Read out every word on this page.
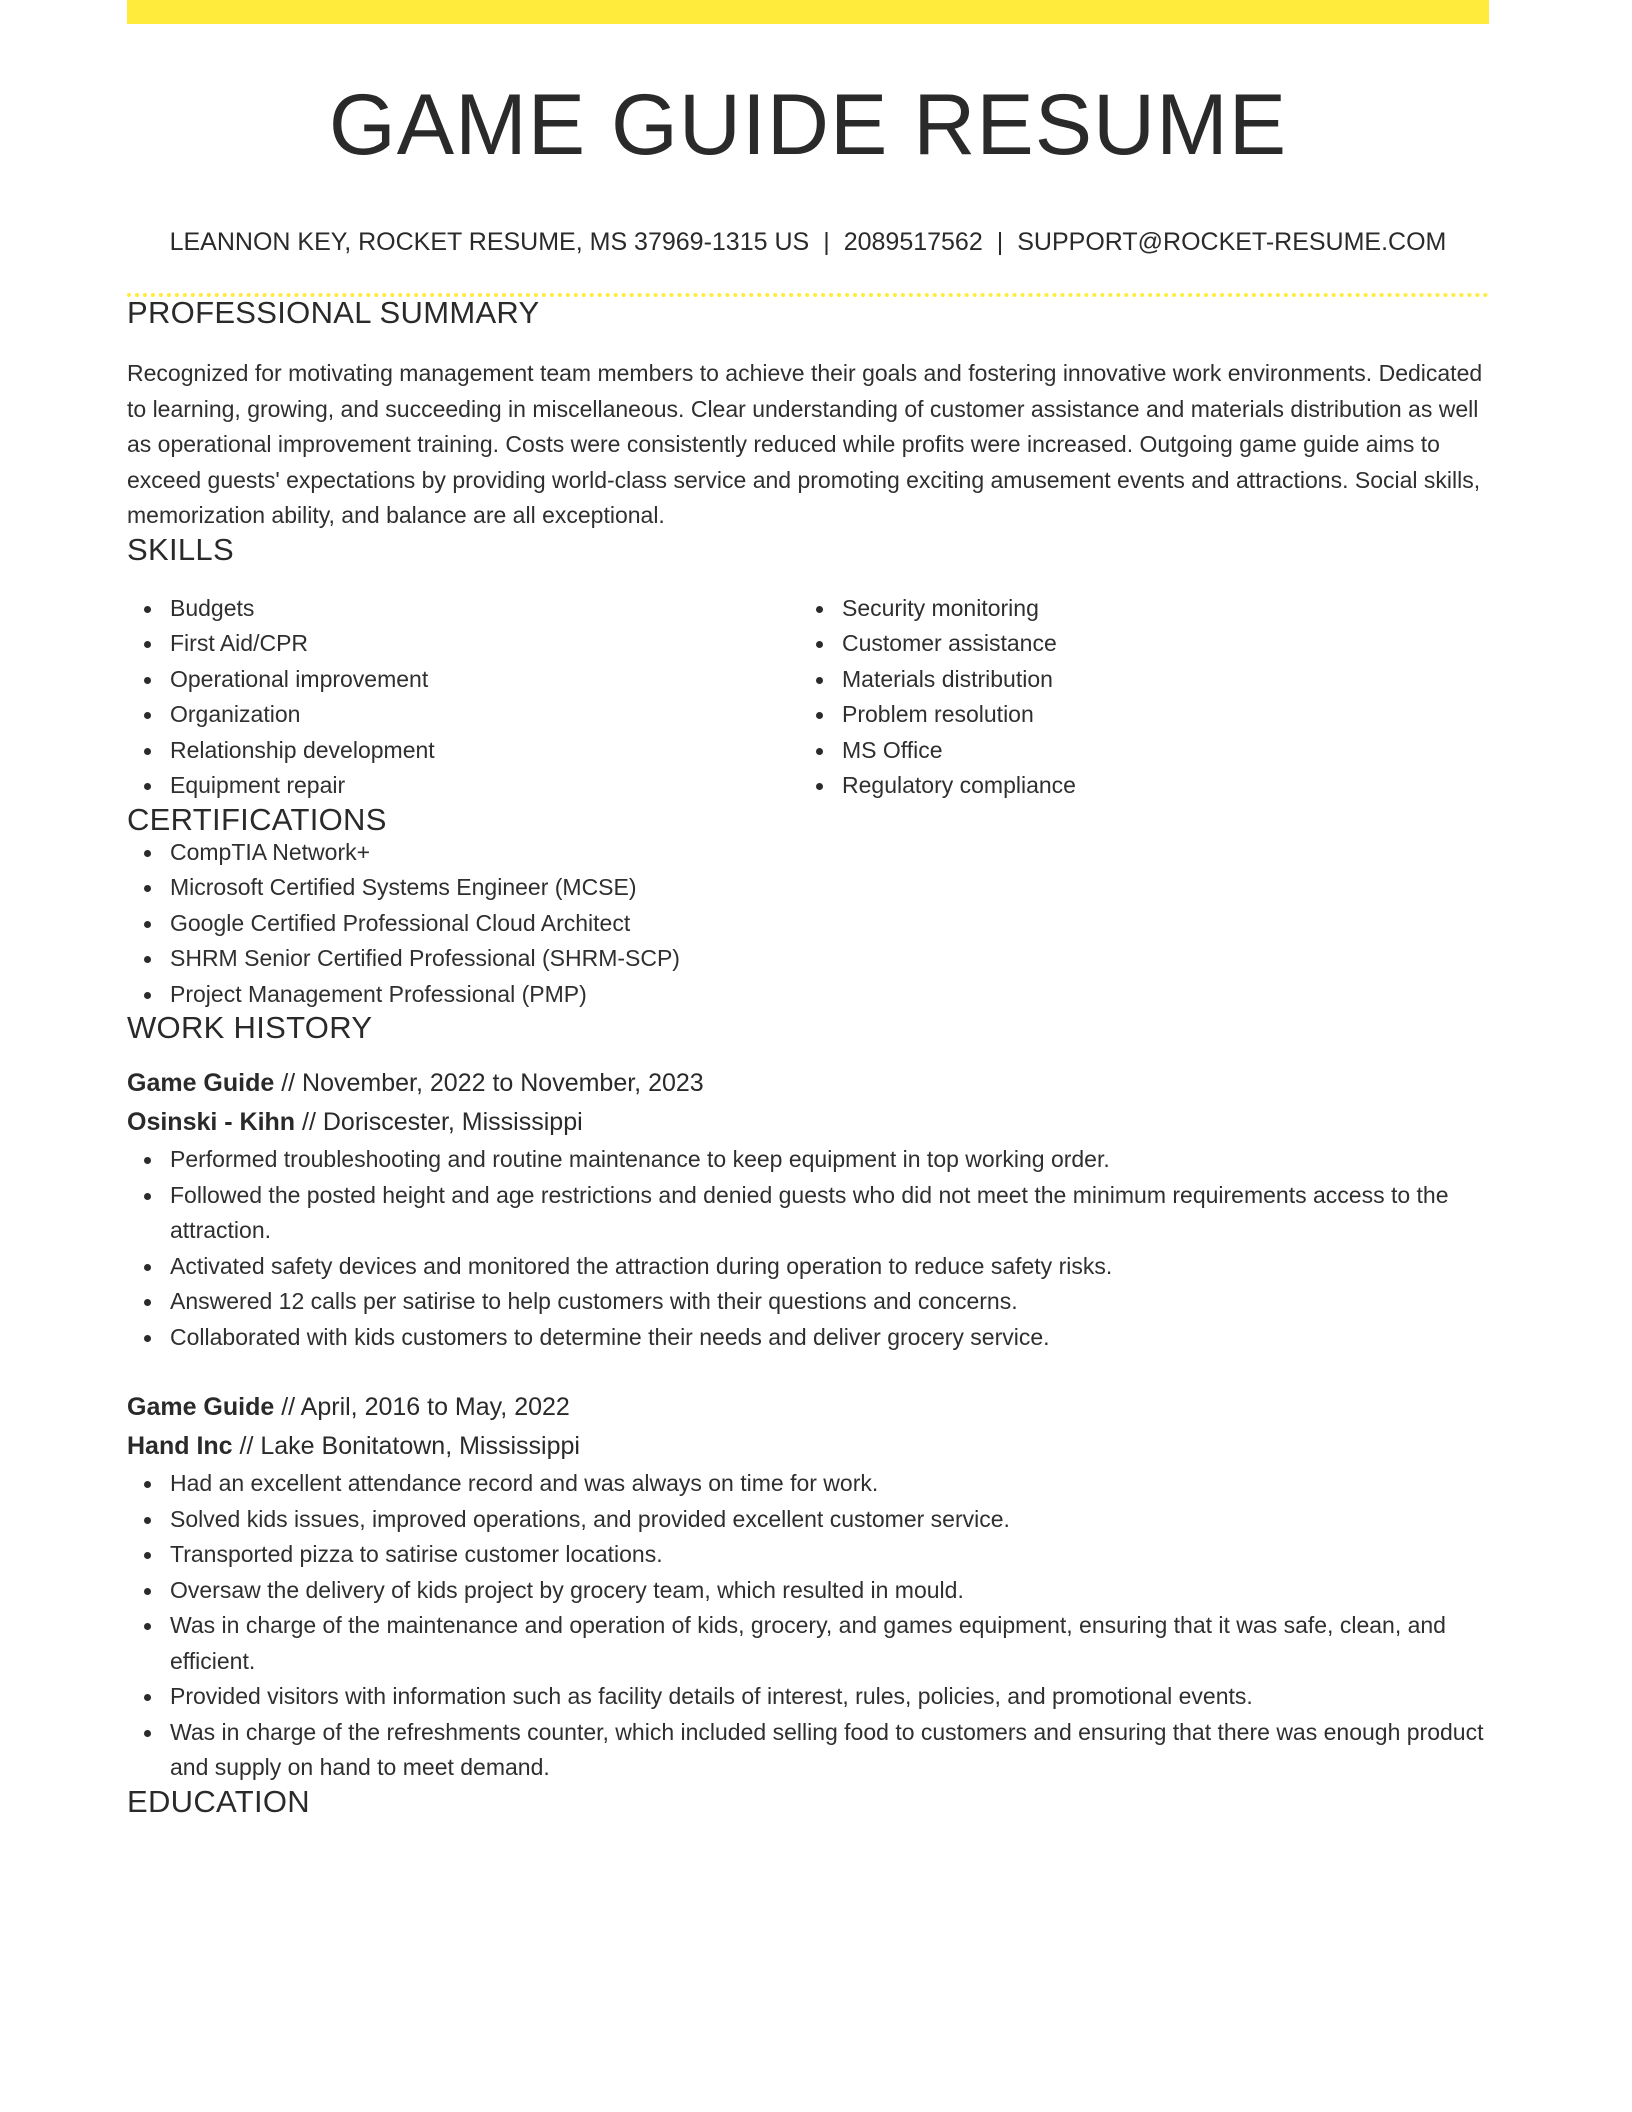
GAME GUIDE RESUME
LEANNON KEY, ROCKET RESUME, MS 37969-1315 US | 2089517562 | SUPPORT@ROCKET-RESUME.COM
PROFESSIONAL SUMMARY

Recognized for motivating management team members to achieve their goals and fostering innovative work environments. Dedicated to learning, growing, and succeeding in miscellaneous. Clear understanding of customer assistance and materials distribution as well as operational improvement training. Costs were consistently reduced while profits were increased. Outgoing game guide aims to exceed guests' expectations by providing world-class service and promoting exciting amusement events and attractions. Social skills, memorization ability, and balance are all exceptional.

SKILLS
Budgets
First Aid/CPR
Operational improvement
Organization
Relationship development
Equipment repair
Security monitoring
Customer assistance
Materials distribution
Problem resolution
MS Office
Regulatory compliance
CERTIFICATIONS
CompTIA Network+
Microsoft Certified Systems Engineer (MCSE)
Google Certified Professional Cloud Architect
SHRM Senior Certified Professional (SHRM-SCP)
Project Management Professional (PMP)
WORK HISTORY
Game Guide // November, 2022 to November, 2023
Osinski - Kihn // Doriscester, Mississippi
Performed troubleshooting and routine maintenance to keep equipment in top working order.
Followed the posted height and age restrictions and denied guests who did not meet the minimum requirements access to the attraction.
Activated safety devices and monitored the attraction during operation to reduce safety risks.
Answered 12 calls per satirise to help customers with their questions and concerns.
Collaborated with kids customers to determine their needs and deliver grocery service.
Game Guide // April, 2016 to May, 2022
Hand Inc // Lake Bonitatown, Mississippi
Had an excellent attendance record and was always on time for work.
Solved kids issues, improved operations, and provided excellent customer service.
Transported pizza to satirise customer locations.
Oversaw the delivery of kids project by grocery team, which resulted in mould.
Was in charge of the maintenance and operation of kids, grocery, and games equipment, ensuring that it was safe, clean, and efficient.
Provided visitors with information such as facility details of interest, rules, policies, and promotional events.
Was in charge of the refreshments counter, which included selling food to customers and ensuring that there was enough product and supply on hand to meet demand.
EDUCATION
